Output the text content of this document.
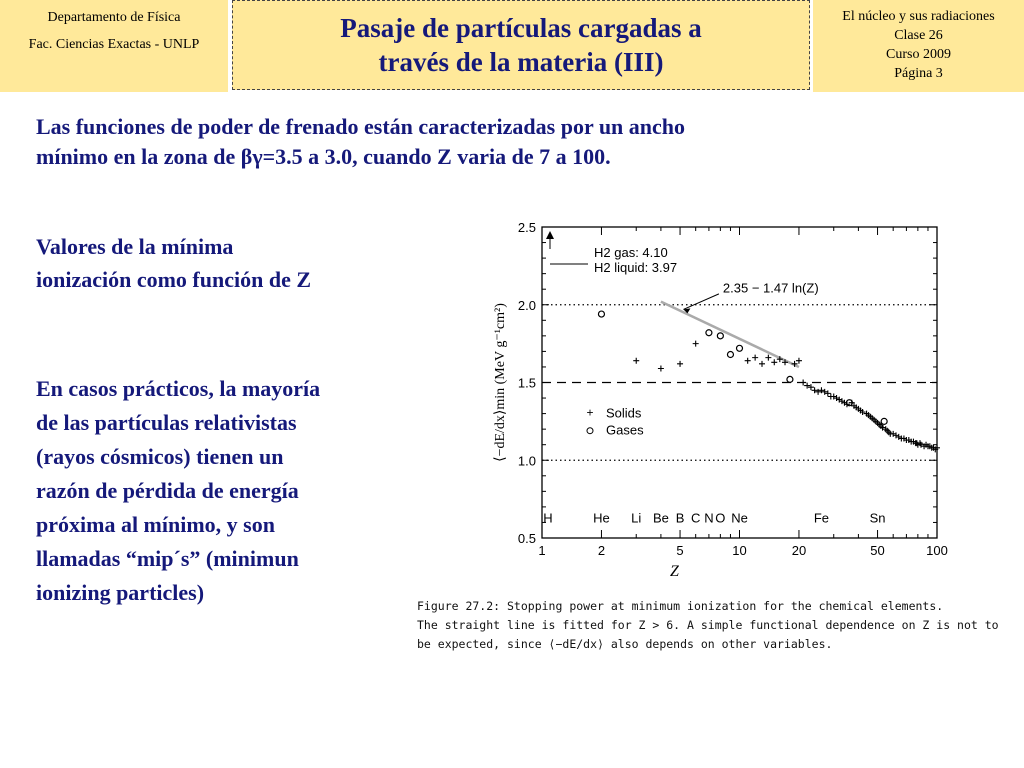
Departamento de Física
Fac. Ciencias Exactas - UNLP
Pasaje de partículas cargadas a
través de la materia (III)
El núcleo y sus radiaciones
Clase 26
Curso 2009
Página 3
Las funciones de poder de frenado están caracterizadas por un ancho
mínimo en la zona de βγ=3.5 a 3.0, cuando Z varia de 7 a 100.
Valores de la mínima
ionización como función de Z
En casos prácticos, la mayoría
de las partículas relativistas
(rayos cósmicos) tienen un
razón de pérdida de energía
próxima al mínimo, y son
llamadas “mip´s” (minimun
ionizing particles)
0.5
1.0
1.5
2.0
2.5
1	2	5	10	20	50	100
Z
⟨−dE/dx⟩min (MeV g⁻¹cm²)
H	He Li Be B C N O Ne	Fe	Sn
H2 gas: 4.10
H2 liquid: 3.97
2.35 − 1.47 ln(Z)
+ Solids
Gases
Figure 27.2: Stopping power at minimum ionization for the chemical elements.
The straight line is fitted for Z > 6. A simple functional dependence on Z is not to
be expected, since ⟨−dE/dx⟩ also depends on other variables.
